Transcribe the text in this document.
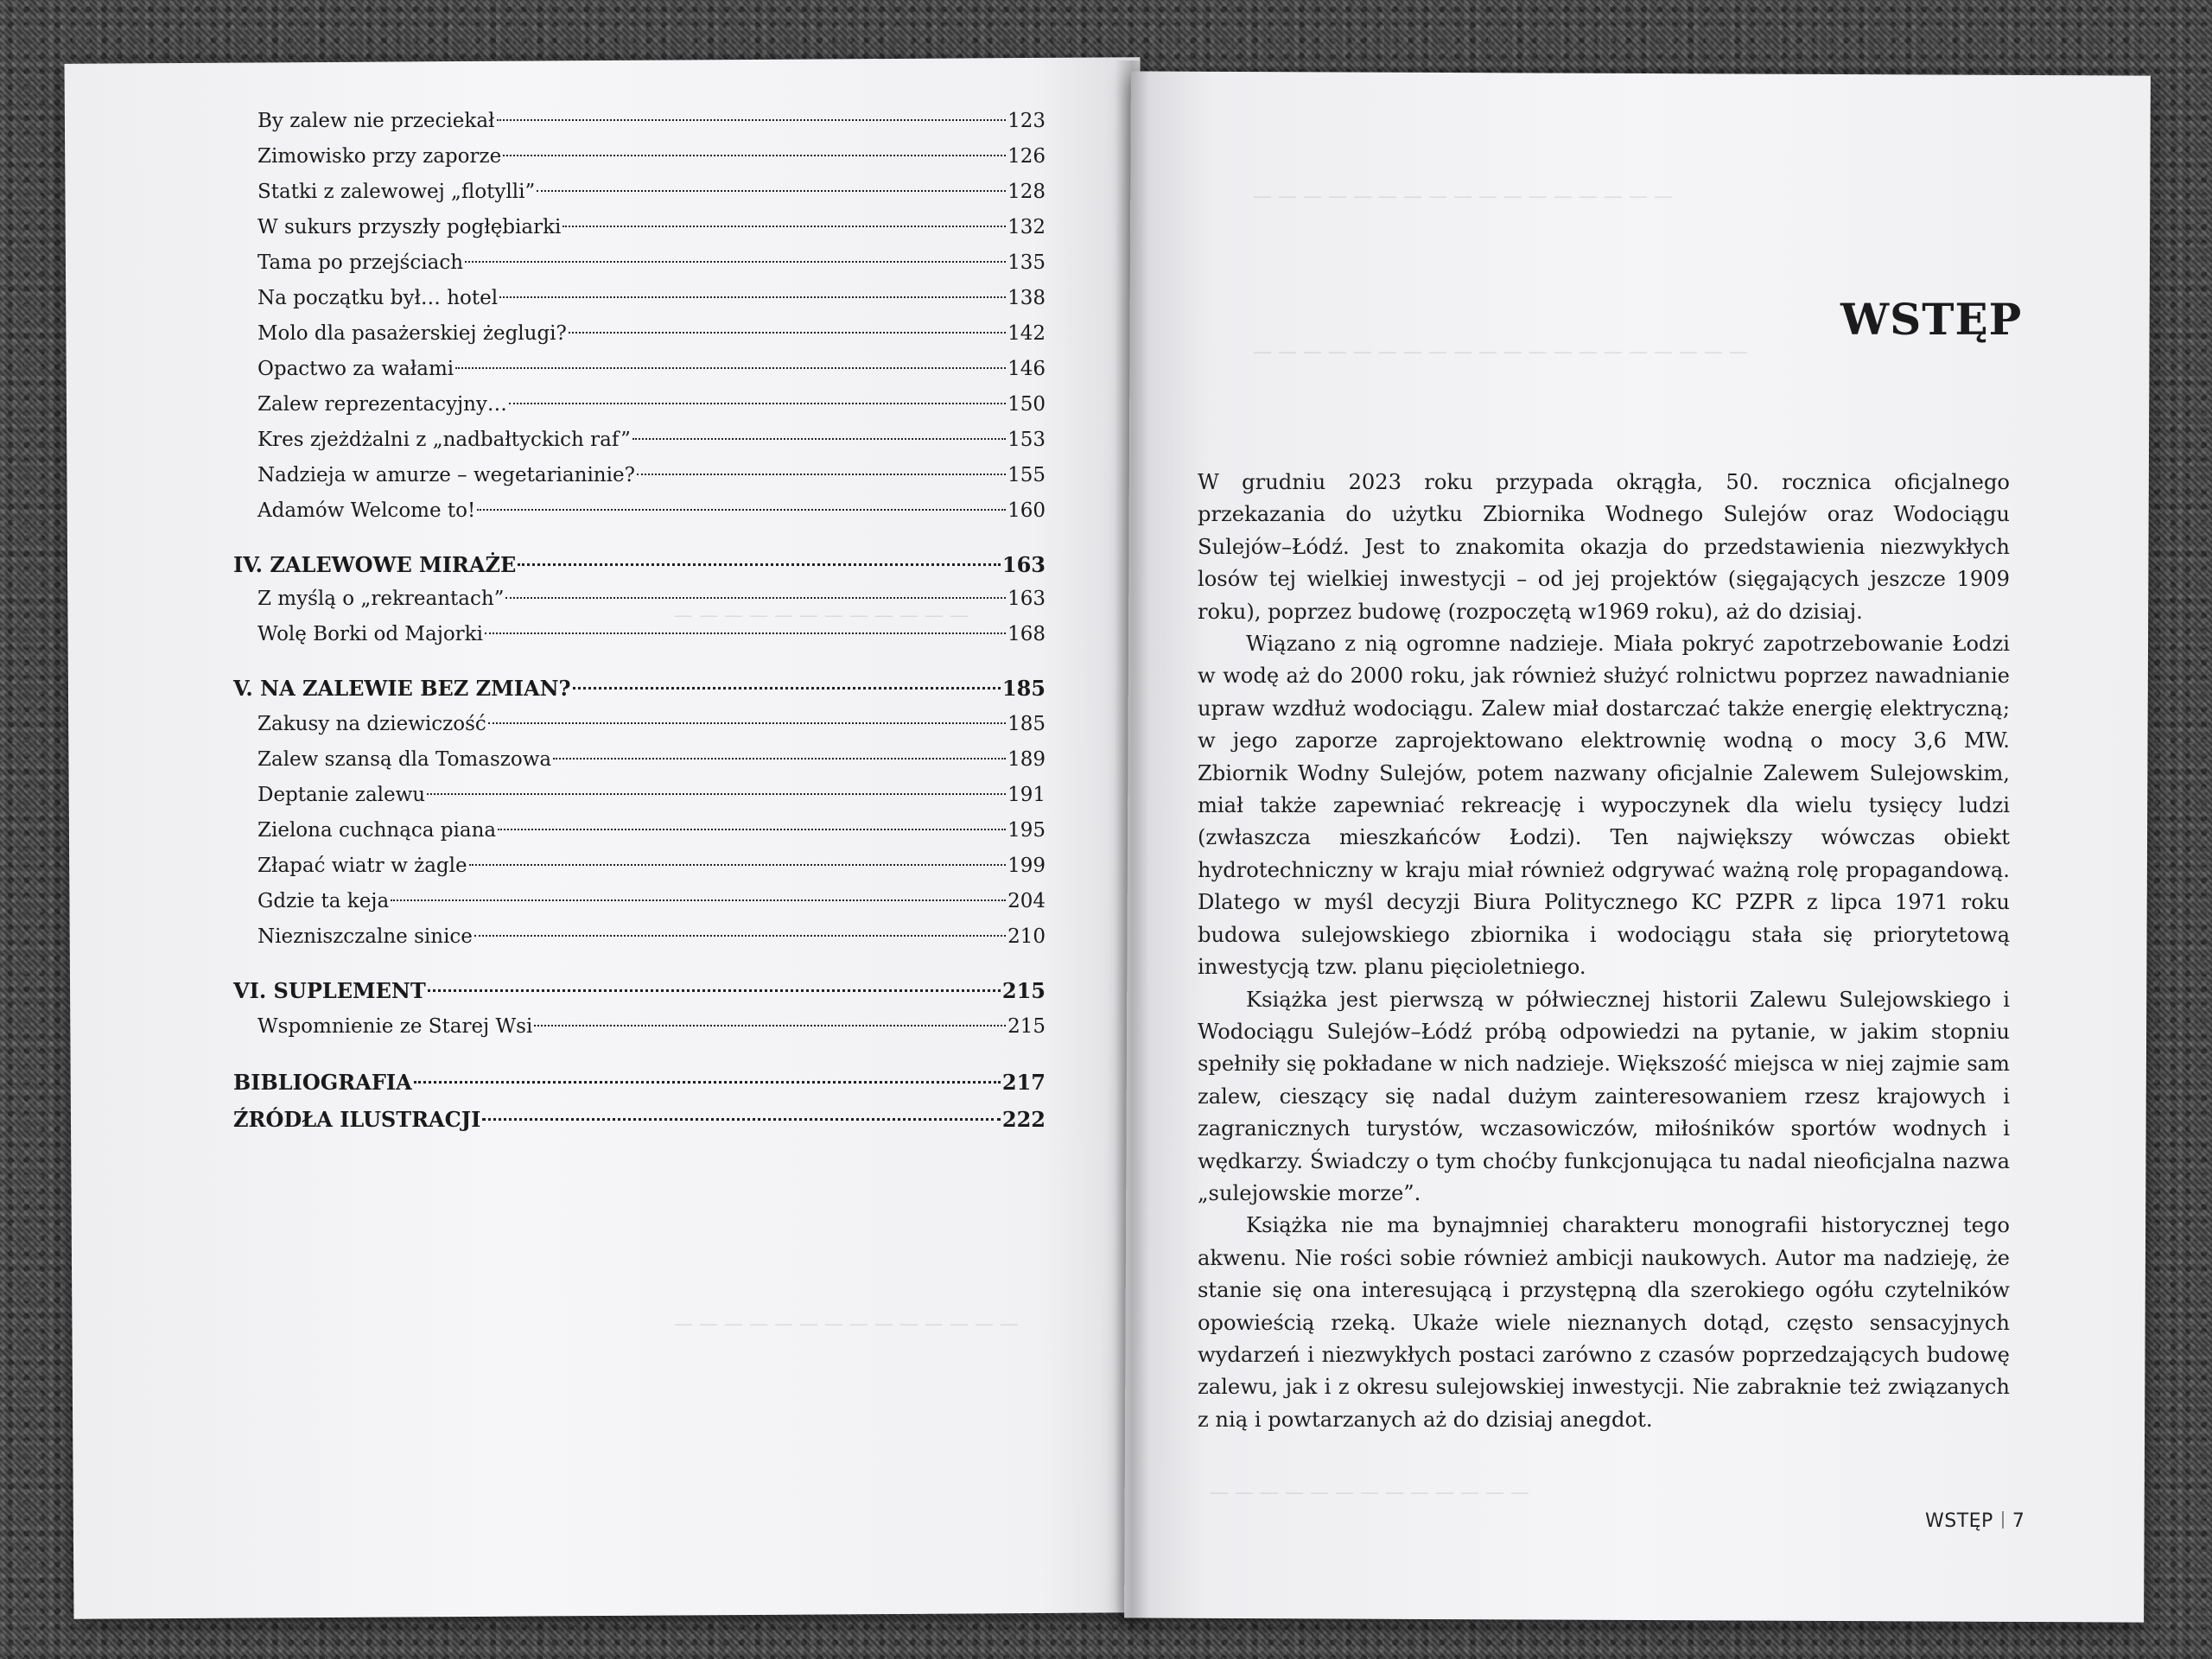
— — — — — — — — — — — — — — — — —
— — — — — — — — — — — — — — — — — — — —
— — — — — — — — — — — —
— — — — — — — — — — — — — —
— — — — — — — — — — — — —
By zalew nie przeciekał	123
Zimowisko przy zaporze	126
Statki z zalewowej „flotylli”	128
W sukurs przyszły pogłębiarki	132
Tama po przejściach	135
Na początku był… hotel	138
Molo dla pasażerskiej żeglugi?	142
Opactwo za wałami	146
Zalew reprezentacyjny…	150
Kres zjeżdżalni z „nadbałtyckich raf”	153
Nadzieja w amurze – wegetarianinie?	155
Adamów Welcome to!	160
IV. ZALEWOWE MIRAŻE	163
Z myślą o „rekreantach”	163
Wolę Borki od Majorki	168
V. NA ZALEWIE BEZ ZMIAN?	185
Zakusy na dziewiczość	185
Zalew szansą dla Tomaszowa	189
Deptanie zalewu	191
Zielona cuchnąca piana	195
Złapać wiatr w żagle	199
Gdzie ta keja	204
Niezniszczalne sinice	210
VI. SUPLEMENT	215
Wspomnienie ze Starej Wsi	215
BIBLIOGRAFIA	217
ŹRÓDŁA ILUSTRACJI	222
WSTĘP

W grudniu 2023 roku przypada okrągła, 50. rocznica oficjalnego przekazania do użytku Zbiornika Wodnego Sulejów oraz Wodociągu Sulejów–Łódź. Jest to znakomita okazja do przedstawienia niezwykłych losów tej wielkiej inwestycji – od jej projektów (sięgających jeszcze 1909 roku), poprzez budowę (rozpoczętą w1969 roku), aż do dzisiaj.

Wiązano z nią ogromne nadzieje. Miała pokryć zapotrzebowanie Łodzi w wodę aż do 2000 roku, jak również służyć rolnictwu poprzez nawadnianie upraw wzdłuż wodociągu. Zalew miał dostarczać także energię elektryczną; w jego zaporze zaprojektowano elektrownię wodną o mocy 3,6 MW. Zbiornik Wodny Sulejów, potem nazwany oficjalnie Zalewem Sulejowskim, miał także zapewniać rekreację i wypoczynek dla wielu tysięcy ludzi (zwłaszcza mieszkańców Łodzi). Ten największy wówczas obiekt hydrotechniczny w kraju miał również odgrywać ważną rolę propagandową. Dlatego w myśl decyzji Biura Politycznego KC PZPR z lipca 1971 roku budowa sulejowskiego zbiornika i wodociągu stała się priorytetową inwestycją tzw. planu pięcioletniego.

Książka jest pierwszą w półwiecznej historii Zalewu Sulejowskiego i Wodociągu Sulejów–Łódź próbą odpowiedzi na pytanie, w jakim stopniu spełniły się pokładane w nich nadzieje. Większość miejsca w niej zajmie sam zalew, cieszący się nadal dużym zainteresowaniem rzesz krajowych i zagranicznych turystów, wczasowiczów, miłośników sportów wodnych i wędkarzy. Świadczy o tym choćby funkcjonująca tu nadal nieoficjalna nazwa „sulejowskie morze”.

Książka nie ma bynajmniej charakteru monografii historycznej tego akwenu. Nie rości sobie również ambicji naukowych. Autor ma nadzieję, że stanie się ona interesującą i przystępną dla szerokiego ogółu czytelników opowieścią rzeką. Ukaże wiele nieznanych dotąd, często sensacyjnych wydarzeń i niezwykłych postaci zarówno z czasów poprzedzających budowę zalewu, jak i z okresu sulejowskiej inwestycji. Nie zabraknie też związanych z nią i powtarzanych aż do dzisiaj anegdot.

WSTĘP 7
